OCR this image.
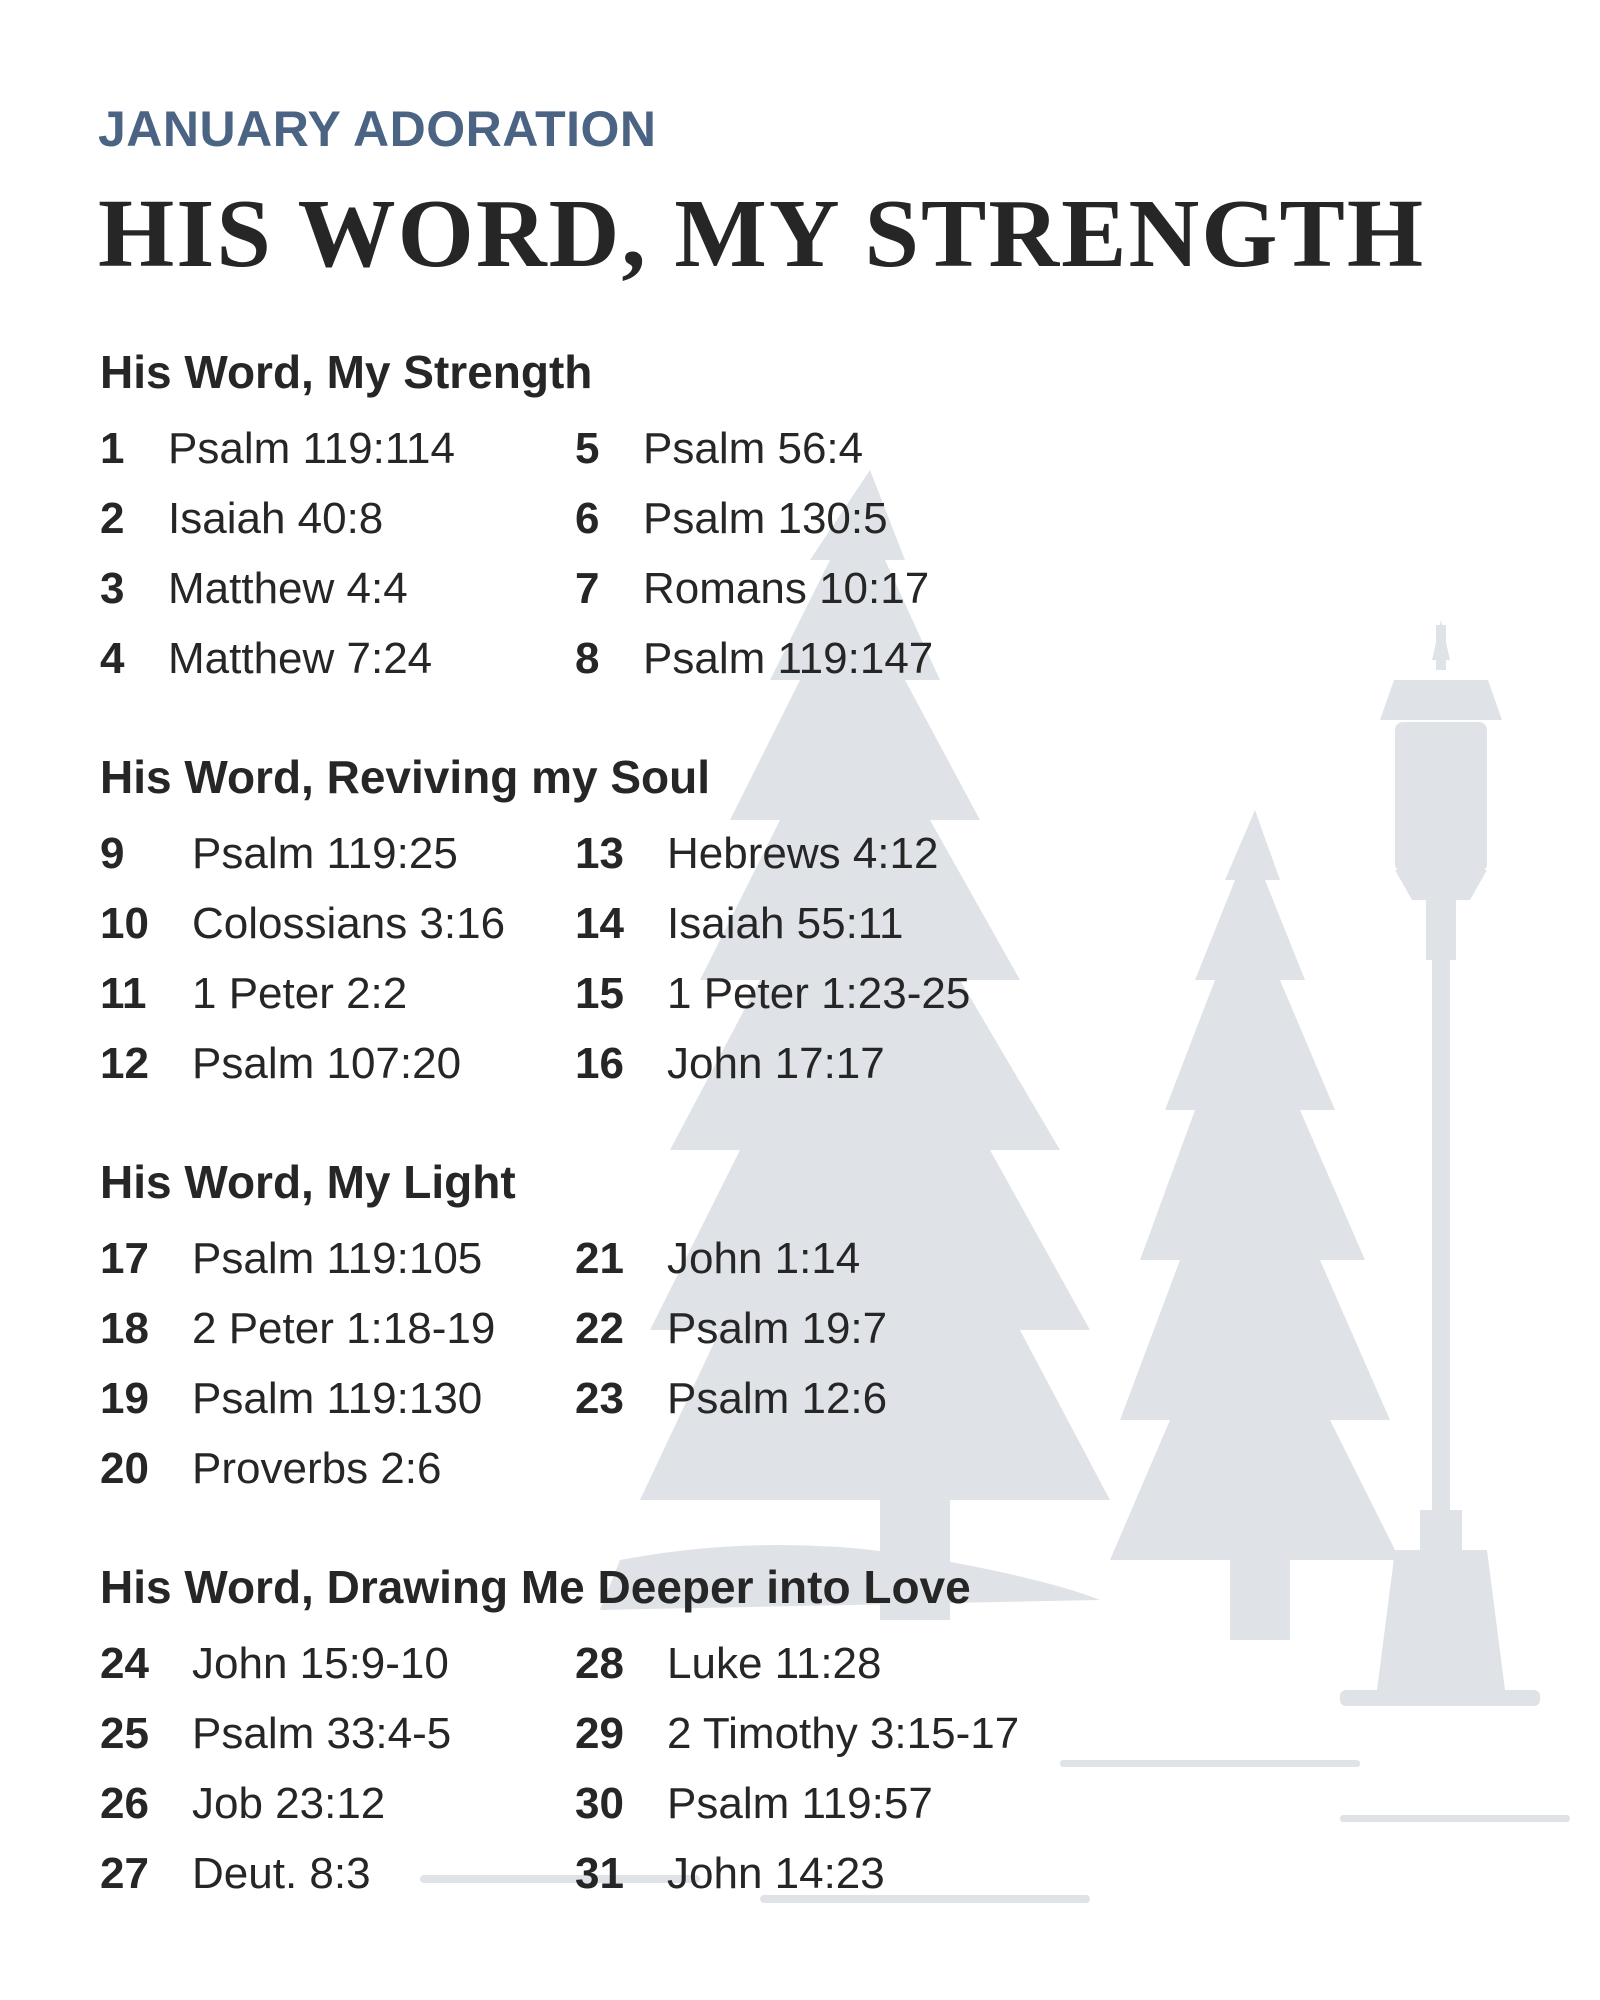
JANUARY ADORATION
HIS WORD, MY STRENGTH
His Word, My Strength
1 Psalm 119:114
2 Isaiah 40:8
3 Matthew 4:4
4 Matthew 7:24
5 Psalm 56:4
6 Psalm 130:5
7 Romans 10:17
8 Psalm 119:147
His Word, Reviving my Soul
9 Psalm 119:25
10 Colossians 3:16
11 1 Peter 2:2
12 Psalm 107:20
13 Hebrews 4:12
14 Isaiah 55:11
15 1 Peter 1:23-25
16 John 17:17
His Word, My Light
17 Psalm 119:105
18 2 Peter 1:18-19
19 Psalm 119:130
20 Proverbs 2:6
21 John 1:14
22 Psalm 19:7
23 Psalm 12:6
His Word, Drawing Me Deeper into Love
24 John 15:9-10
25 Psalm 33:4-5
26 Job 23:12
27 Deut. 8:3
28 Luke 11:28
29 2 Timothy 3:15-17
30 Psalm 119:57
31 John 14:23
